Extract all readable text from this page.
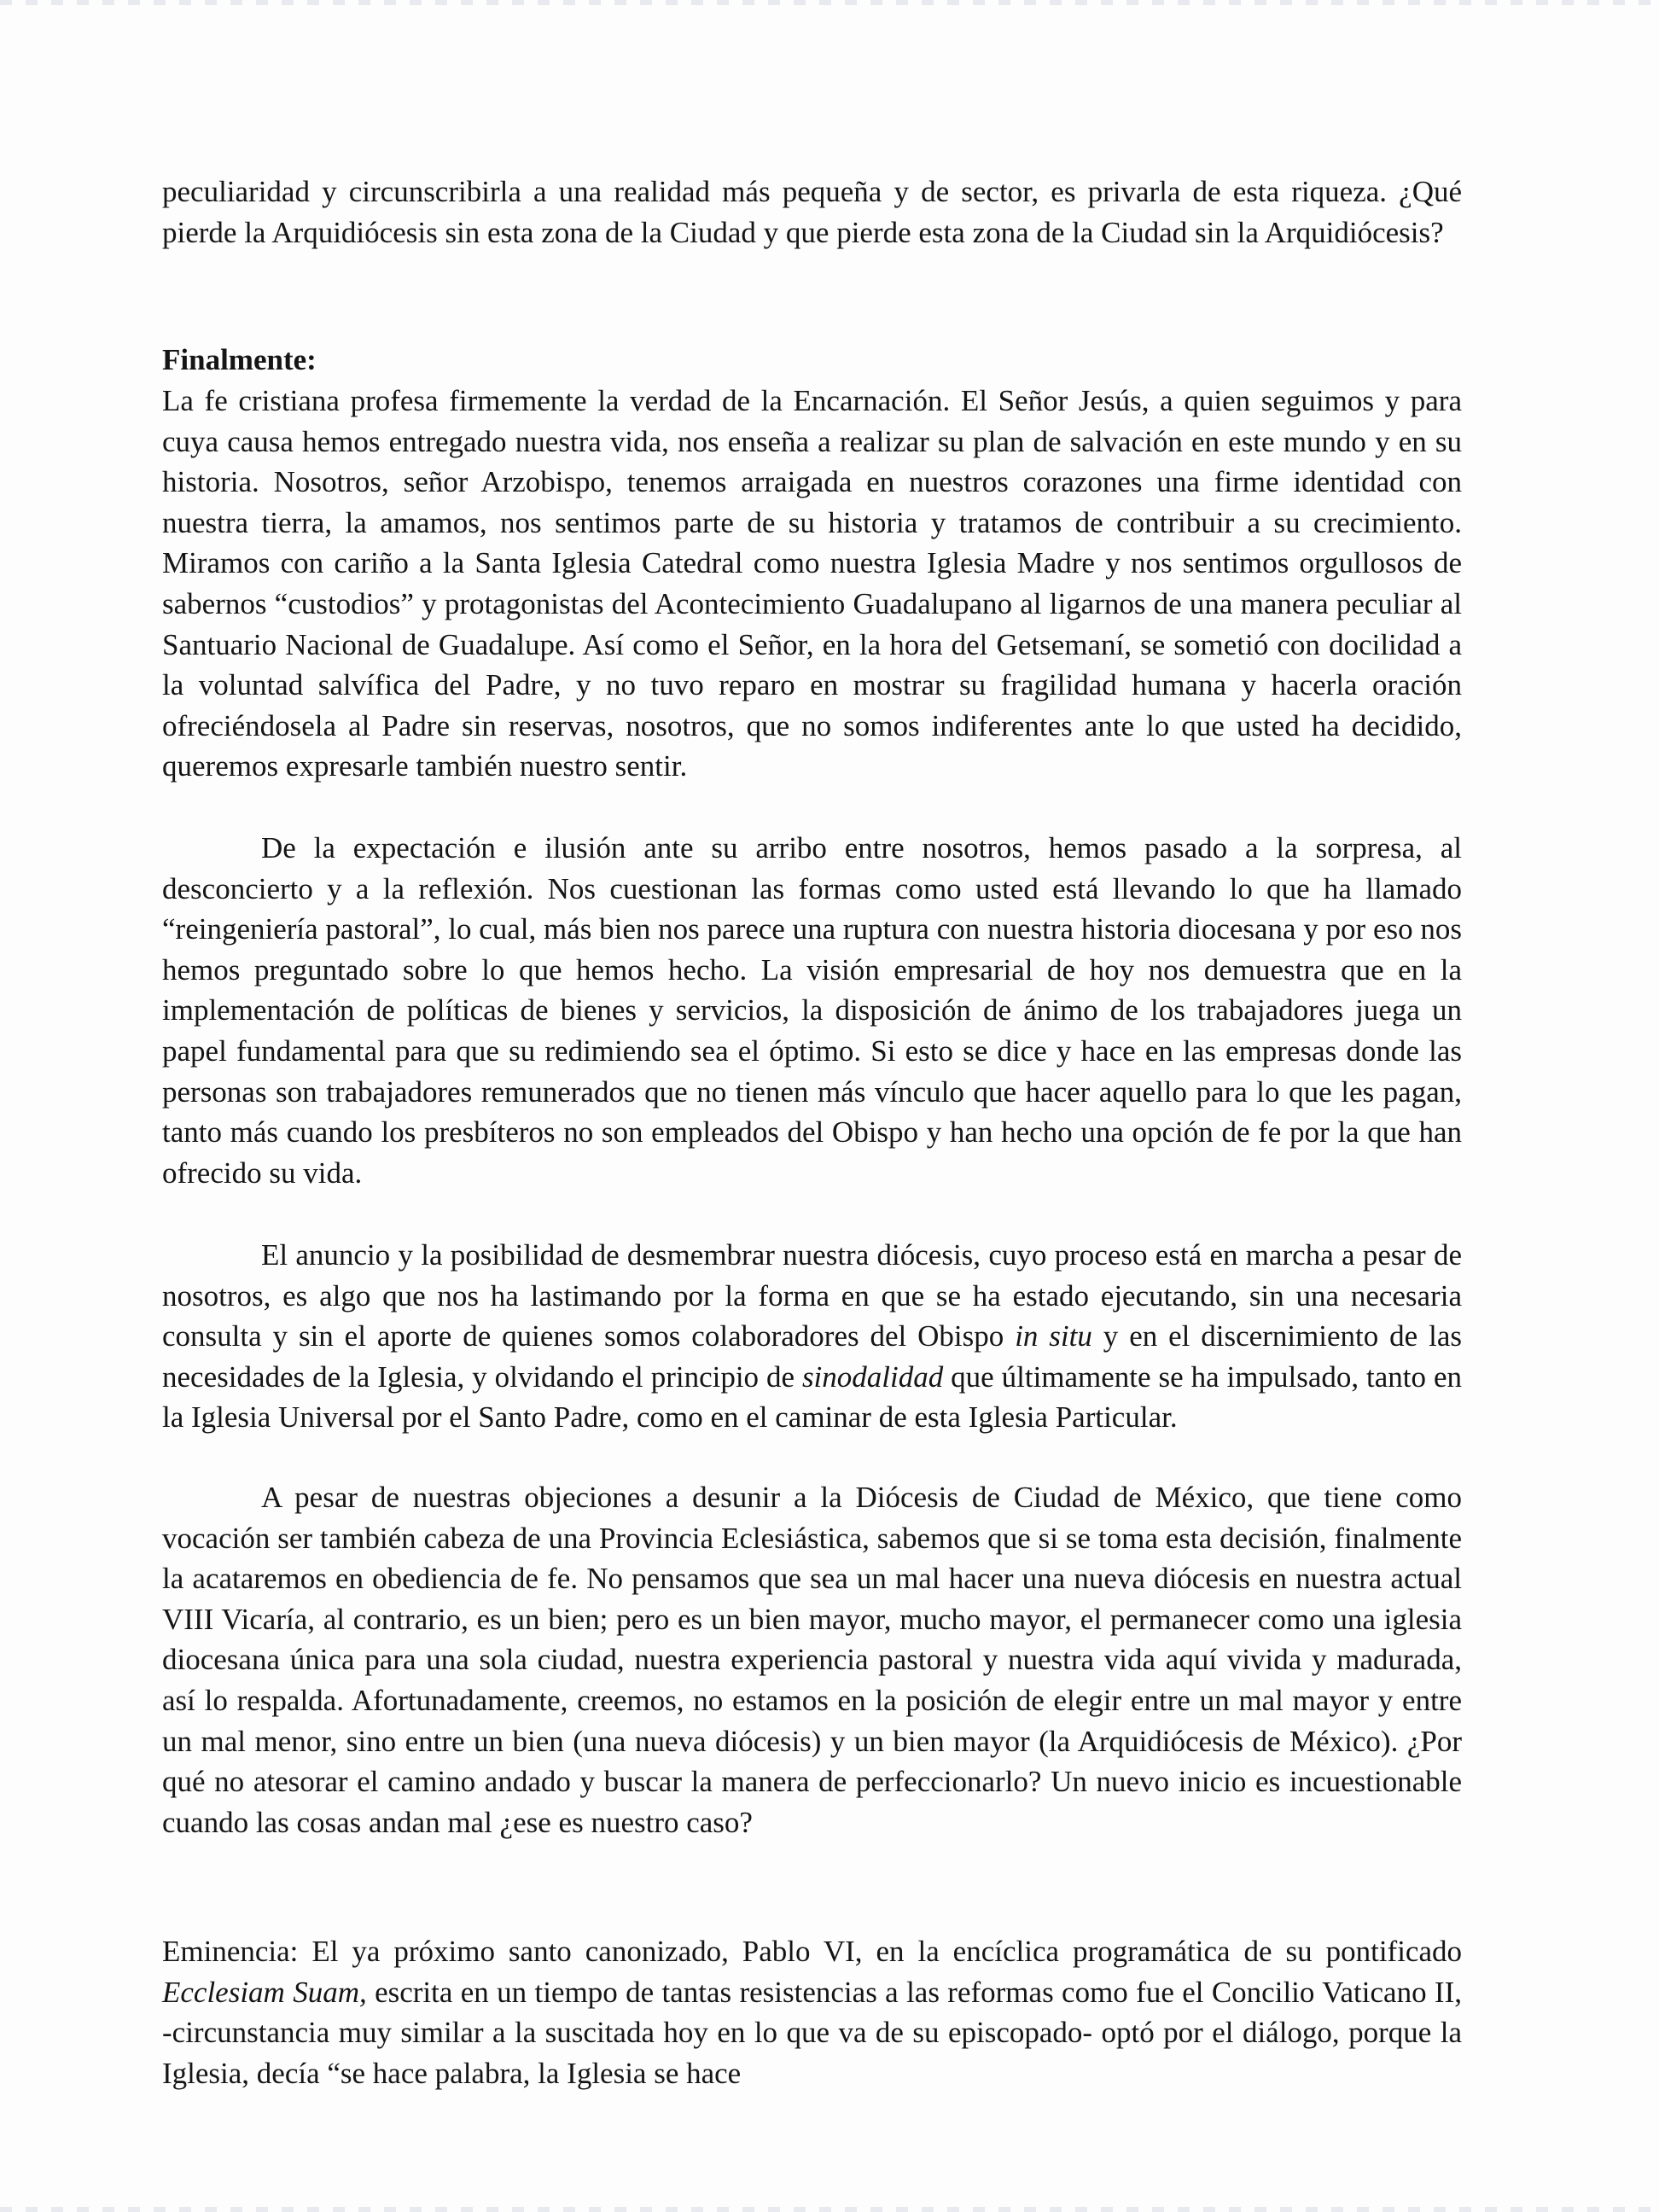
peculiaridad y circunscribirla a una realidad más pequeña y de sector, es privarla de esta riqueza. ¿Qué pierde la Arquidiócesis sin esta zona de la Ciudad y que pierde esta zona de la Ciudad sin la Arquidiócesis?

Finalmente:

La fe cristiana profesa firmemente la verdad de la Encarnación. El Señor Jesús, a quien seguimos y para cuya causa hemos entregado nuestra vida, nos enseña a realizar su plan de salvación en este mundo y en su historia. Nosotros, señor Arzobispo, tenemos arraigada en nuestros corazones una firme identidad con nuestra tierra, la amamos, nos sentimos parte de su historia y tratamos de contribuir a su crecimiento. Miramos con cariño a la Santa Iglesia Catedral como nuestra Iglesia Madre y nos sentimos orgullosos de sabernos “custodios” y protagonistas del Acontecimiento Guadalupano al ligarnos de una manera peculiar al Santuario Nacional de Guadalupe. Así como el Señor, en la hora del Getsemaní, se sometió con docilidad a la voluntad salvífica del Padre, y no tuvo reparo en mostrar su fragilidad humana y hacerla oración ofreciéndosela al Padre sin reservas, nosotros, que no somos indiferentes ante lo que usted ha decidido, queremos expresarle también nuestro sentir.

De la expectación e ilusión ante su arribo entre nosotros, hemos pasado a la sorpresa, al desconcierto y a la reflexión. Nos cuestionan las formas como usted está llevando lo que ha llamado “reingeniería pastoral”, lo cual, más bien nos parece una ruptura con nuestra historia diocesana y por eso nos hemos preguntado sobre lo que hemos hecho. La visión empresarial de hoy nos demuestra que en la implementación de políticas de bienes y servicios, la disposición de ánimo de los trabajadores juega un papel fundamental para que su redimiendo sea el óptimo. Si esto se dice y hace en las empresas donde las personas son trabajadores remunerados que no tienen más vínculo que hacer aquello para lo que les pagan, tanto más cuando los presbíteros no son empleados del Obispo y han hecho una opción de fe por la que han ofrecido su vida.

El anuncio y la posibilidad de desmembrar nuestra diócesis, cuyo proceso está en marcha a pesar de nosotros, es algo que nos ha lastimando por la forma en que se ha estado ejecutando, sin una necesaria consulta y sin el aporte de quienes somos colaboradores del Obispo in situ y en el discernimiento de las necesidades de la Iglesia, y olvidando el principio de sinodalidad que últimamente se ha impulsado, tanto en la Iglesia Universal por el Santo Padre, como en el caminar de esta Iglesia Particular.

A pesar de nuestras objeciones a desunir a la Diócesis de Ciudad de México, que tiene como vocación ser también cabeza de una Provincia Eclesiástica, sabemos que si se toma esta decisión, finalmente la acataremos en obediencia de fe. No pensamos que sea un mal hacer una nueva diócesis en nuestra actual VIII Vicaría, al contrario, es un bien; pero es un bien mayor, mucho mayor, el permanecer como una iglesia diocesana única para una sola ciudad, nuestra experiencia pastoral y nuestra vida aquí vivida y madurada, así lo respalda. Afortunadamente, creemos, no estamos en la posición de elegir entre un mal mayor y entre un mal menor, sino entre un bien (una nueva diócesis) y un bien mayor (la Arquidiócesis de México). ¿Por qué no atesorar el camino andado y buscar la manera de perfeccionarlo? Un nuevo inicio es incuestionable cuando las cosas andan mal ¿ese es nuestro caso?

Eminencia: El ya próximo santo canonizado, Pablo VI, en la encíclica programática de su pontificado Ecclesiam Suam, escrita en un tiempo de tantas resistencias a las reformas como fue el Concilio Vaticano II, -circunstancia muy similar a la suscitada hoy en lo que va de su episcopado- optó por el diálogo, porque la Iglesia, decía “se hace palabra, la Iglesia se hace
